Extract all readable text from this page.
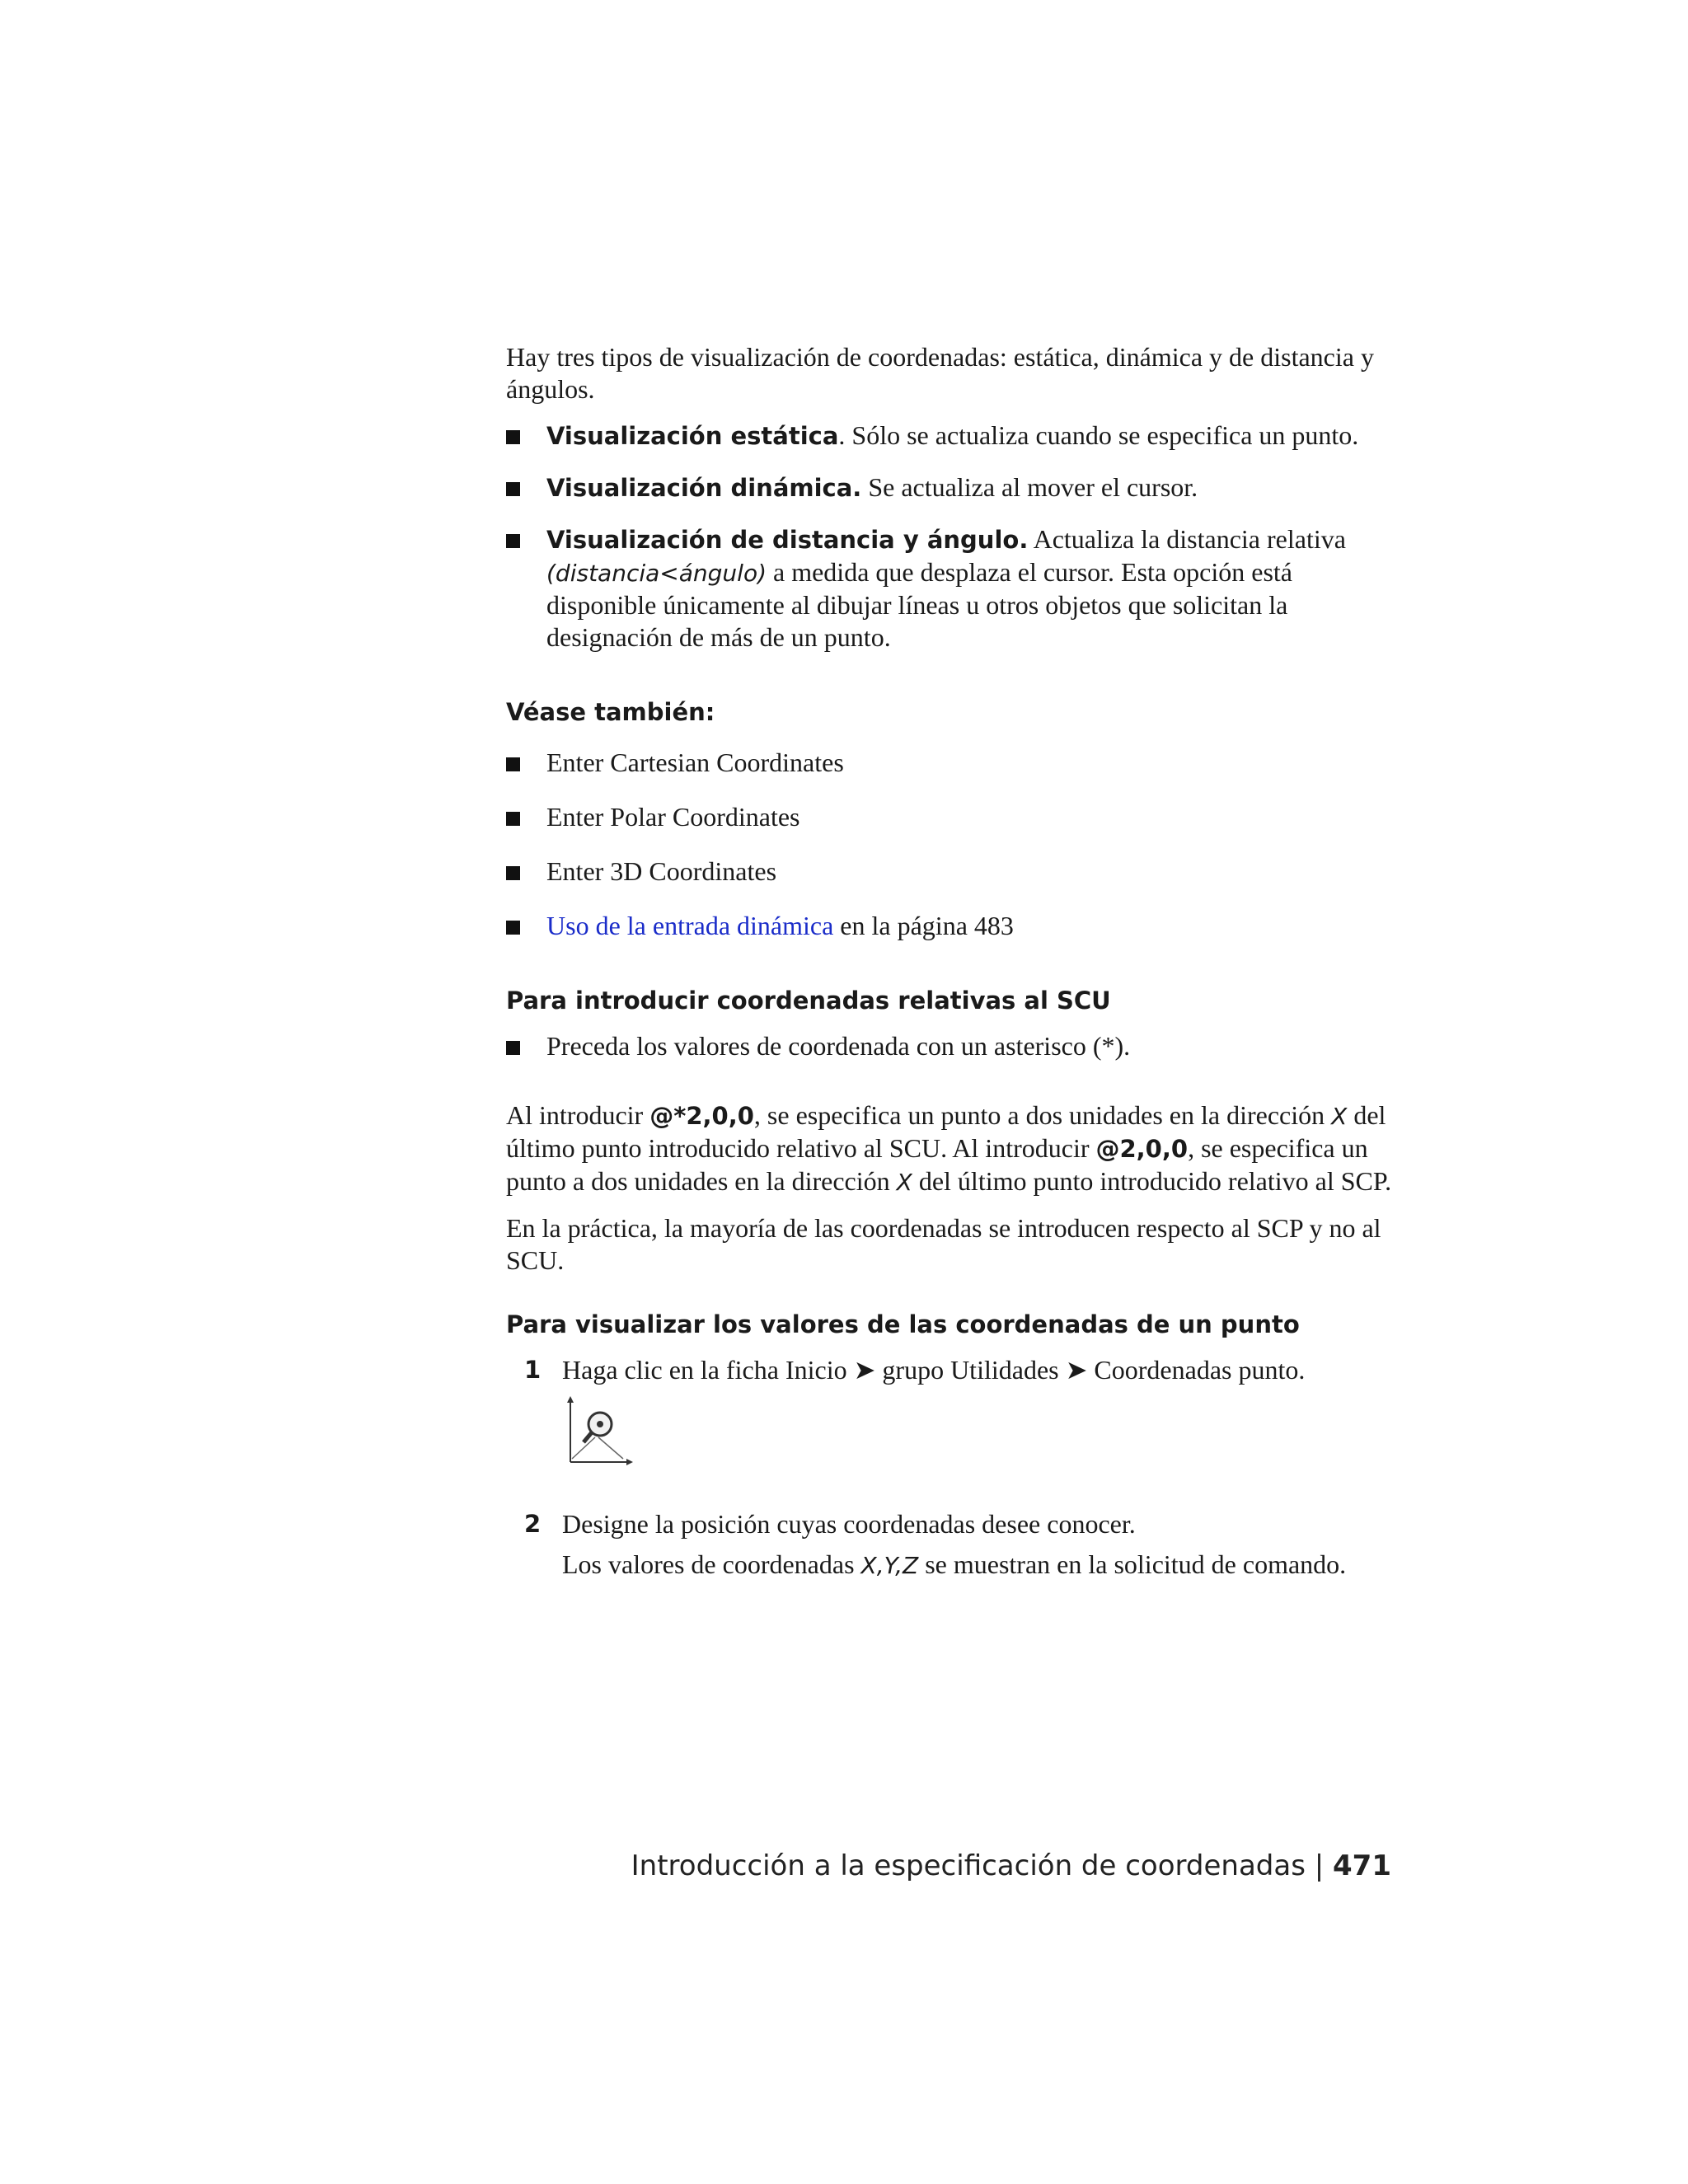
Hay tres tipos de visualización de coordenadas: estática, dinámica y de distancia y ángulos.

Visualización estática. Sólo se actualiza cuando se especifica un punto.
Visualización dinámica. Se actualiza al mover el cursor.
Visualización de distancia y ángulo. Actualiza la distancia relativa (distancia<ángulo) a medida que desplaza el cursor. Esta opción está disponible únicamente al dibujar líneas u otros objetos que solicitan la designación de más de un punto.

Véase también:

Enter Cartesian Coordinates
Enter Polar Coordinates
Enter 3D Coordinates
Uso de la entrada dinámica en la página 483

Para introducir coordenadas relativas al SCU

Preceda los valores de coordenada con un asterisco (*).

Al introducir @*2,0,0, se especifica un punto a dos unidades en la dirección X del último punto introducido relativo al SCU. Al introducir @2,0,0, se especifica un punto a dos unidades en la dirección X del último punto introducido relativo al SCP.

En la práctica, la mayoría de las coordenadas se introducen respecto al SCP y no al SCU.

Para visualizar los valores de las coordenadas de un punto

1 Haga clic en la ficha Inicio ➤ grupo Utilidades ➤ Coordenadas punto.
2 Designe la posición cuyas coordenadas desee conocer.

Los valores de coordenadas X,Y,Z se muestran en la solicitud de comando.

Introducción a la especificación de coordenadas | 471
